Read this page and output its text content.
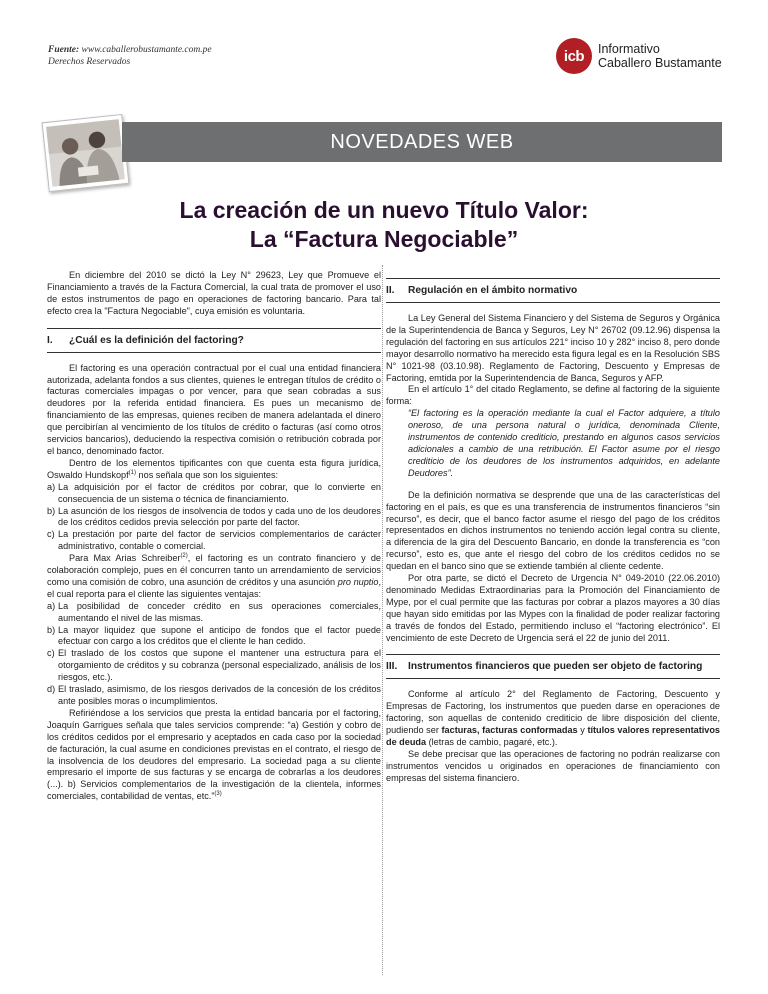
Fuente: www.caballerobustamante.com.pe
Derechos Reservados	icb Informativo
Caballero Bustamante
NOVEDADES WEB
La creación de un nuevo Título Valor:
La “Factura Negociable”

En diciembre del 2010 se dictó la Ley N° 29623, Ley que Promueve el Financiamiento a través de la Factura Comercial, la cual trata de promover el uso de estos instrumentos de pago en operaciones de factoring bancario. Para tal efecto crea la "Factura Negociable", cuya emisión es voluntaria.

I.	¿Cuál es la definición del factoring?

El factoring es una operación contractual por el cual una entidad financiera autorizada, adelanta fondos a sus clientes, quienes le entregan títulos de crédito o facturas comerciales impagas o por vencer, para que sean cobradas a sus deudores por la referida entidad financiera. Es pues un mecanismo de financiamiento de las empresas, quienes reciben de manera adelantada el dinero que percibirían al vencimiento de los títulos de crédito o facturas (así como otros servicios bancarios), deduciendo la respectiva comisión o retribución cobrada por el banco, denominado factor.

Dentro de los elementos tipificantes con que cuenta esta figura jurídica, Oswaldo Hundskopf$^{(1)}$ nos señala que son los siguientes:

a) La adquisición por el factor de créditos por cobrar, que lo convierte en consecuencia de un sistema o técnica de financiamiento.
b) La asunción de los riesgos de insolvencia de todos y cada uno de los deudores de los créditos cedidos previa selección por parte del factor.
c) La prestación por parte del factor de servicios complementarios de carácter administrativo, contable o comercial.

Para Max Arias Schreiber$^{(2)}$, el factoring es un contrato financiero y de colaboración complejo, pues en él concurren tanto un arrendamiento de servicios como una comisión de cobro, una asunción de créditos y una asunción pro nuptio, el cual reporta para el cliente las siguientes ventajas:

a) La posibilidad de conceder crédito en sus operaciones comerciales, aumentando el nivel de las mismas.
b) La mayor liquidez que supone el anticipo de fondos que el factor puede efectuar con cargo a los créditos que el cliente le han cedido.
c) El traslado de los costos que supone el mantener una estructura para el otorgamiento de créditos y su cobranza (personal especializado, análisis de los riesgos, etc.).
d) El traslado, asimismo, de los riesgos derivados de la concesión de los créditos ante posibles moras o incumplimientos.

Refiriéndose a los servicios que presta la entidad bancaria por el factoring, Joaquín Garrigues señala que tales servicios comprende: “a) Gestión y cobro de los créditos cedidos por el empresario y aceptados en cada caso por la sociedad de facturación, la cual asume en condiciones previstas en el contrato, el riesgo de la insolvencia de los deudores del empresario. La sociedad paga a su cliente empresario el importe de sus facturas y se encarga de cobrarlas a los deudores (...). b) Servicios complementarios de la investigación de la clientela, informes comerciales, contabilidad de ventas, etc.”$^{(3)}$

II.	Regulación en el ámbito normativo

La Ley General del Sistema Financiero y del Sistema de Seguros y Orgánica de la Superintendencia de Banca y Seguros, Ley N° 26702 (09.12.96) dispensa la regulación del factoring en sus artículos 221° inciso 10 y 282° inciso 8, pero donde mayor desarrollo normativo ha merecido esta figura legal es en la Resolución SBS N° 1021-98 (03.10.98). Reglamento de Factoring, Descuento y Empresas de Factoring, emtida por la Superintendencia de Banca, Seguros y AFP.

En el artículo 1° del citado Reglamento, se define al factoring de la siguiente forma:

“El factoring es la operación mediante la cual el Factor adquiere, a título oneroso, de una persona natural o jurídica, denominada Cliente, instrumentos de contenido crediticio, prestando en algunos casos servicios adicionales a cambio de una retribución. El Factor asume por el riesgo crediticio de los deudores de los instrumentos adquiridos, en adelante Deudores”.

De la definición normativa se desprende que una de las características del factoring en el país, es que es una transferencia de instrumentos financieros “sin recurso”, es decir, que el banco factor asume el riesgo del pago de los créditos representados en dichos instrumentos no teniendo acción legal contra su cliente, a diferencia de la gira del Descuento Bancario, en donde la transferencia es “con recurso”, esto es, que ante el riesgo del cobro de los créditos cedidos no se quedan en el banco sino que se extiende también al cliente cedente.

Por otra parte, se dictó el Decreto de Urgencia N° 049-2010 (22.06.2010) denominado Medidas Extraordinarias para la Promoción del Financiamiento de Mype, por el cual permite que las facturas por cobrar a plazos mayores a 30 días que hayan sido emitidas por las Mypes con la finalidad de poder realizar factoring a través de fondos del Estado, permitiendo incluso el “factoring electrónico”. El vencimiento de este Decreto de Urgencia será el 22 de junio del 2011.

III.	Instrumentos financieros que pueden ser objeto de factoring

Conforme al artículo 2° del Reglamento de Factoring, Descuento y Empresas de Factoring, los instrumentos que pueden darse en operaciones de factoring, son aquellas de contenido crediticio de libre disposición del cliente, pudiendo ser facturas, facturas conformadas y títulos valores representativos de deuda (letras de cambio, pagaré, etc.).

Se debe precisar que las operaciones de factoring no podrán realizarse con instrumentos vencidos u originados en operaciones de financiamiento con empresas del sistema financiero.
